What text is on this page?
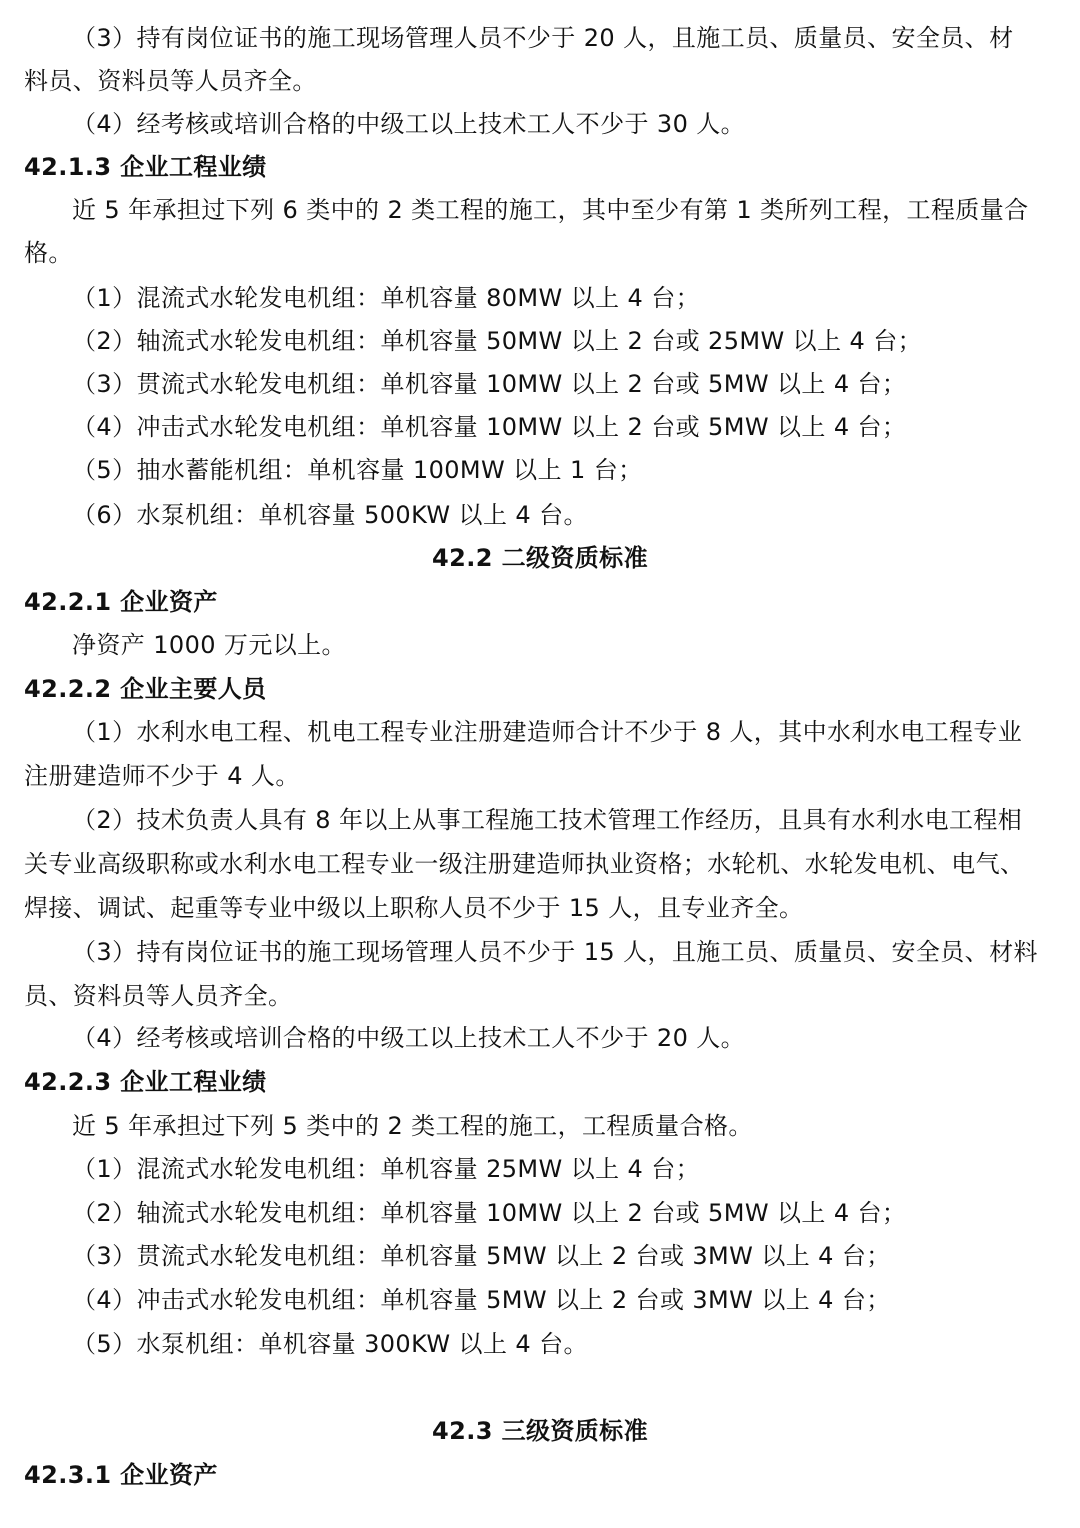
（3）持有岗位证书的施工现场管理人员不少于 20 人，且施工员、质量员、安全员、材
料员、资料员等人员齐全。
（4）经考核或培训合格的中级工以上技术工人不少于 30 人。
42.1.3 企业工程业绩
近 5 年承担过下列 6 类中的 2 类工程的施工，其中至少有第 1 类所列工程，工程质量合
格。
（1）混流式水轮发电机组：单机容量 80MW 以上 4 台；
（2）轴流式水轮发电机组：单机容量 50MW 以上 2 台或 25MW 以上 4 台；
（3）贯流式水轮发电机组：单机容量 10MW 以上 2 台或 5MW 以上 4 台；
（4）冲击式水轮发电机组：单机容量 10MW 以上 2 台或 5MW 以上 4 台；
（5）抽水蓄能机组：单机容量 100MW 以上 1 台；
（6）水泵机组：单机容量 500KW 以上 4 台。
42.2 二级资质标准
42.2.1 企业资产
净资产 1000 万元以上。
42.2.2 企业主要人员
（1）水利水电工程、机电工程专业注册建造师合计不少于 8 人，其中水利水电工程专业
注册建造师不少于 4 人。
（2）技术负责人具有 8 年以上从事工程施工技术管理工作经历，且具有水利水电工程相
关专业高级职称或水利水电工程专业一级注册建造师执业资格；水轮机、水轮发电机、电气、
焊接、调试、起重等专业中级以上职称人员不少于 15 人，且专业齐全。
（3）持有岗位证书的施工现场管理人员不少于 15 人，且施工员、质量员、安全员、材料
员、资料员等人员齐全。
（4）经考核或培训合格的中级工以上技术工人不少于 20 人。
42.2.3 企业工程业绩
近 5 年承担过下列 5 类中的 2 类工程的施工，工程质量合格。
（1）混流式水轮发电机组：单机容量 25MW 以上 4 台；
（2）轴流式水轮发电机组：单机容量 10MW 以上 2 台或 5MW 以上 4 台；
（3）贯流式水轮发电机组：单机容量 5MW 以上 2 台或 3MW 以上 4 台；
（4）冲击式水轮发电机组：单机容量 5MW 以上 2 台或 3MW 以上 4 台；
（5）水泵机组：单机容量 300KW 以上 4 台。
42.3 三级资质标准
42.3.1 企业资产
